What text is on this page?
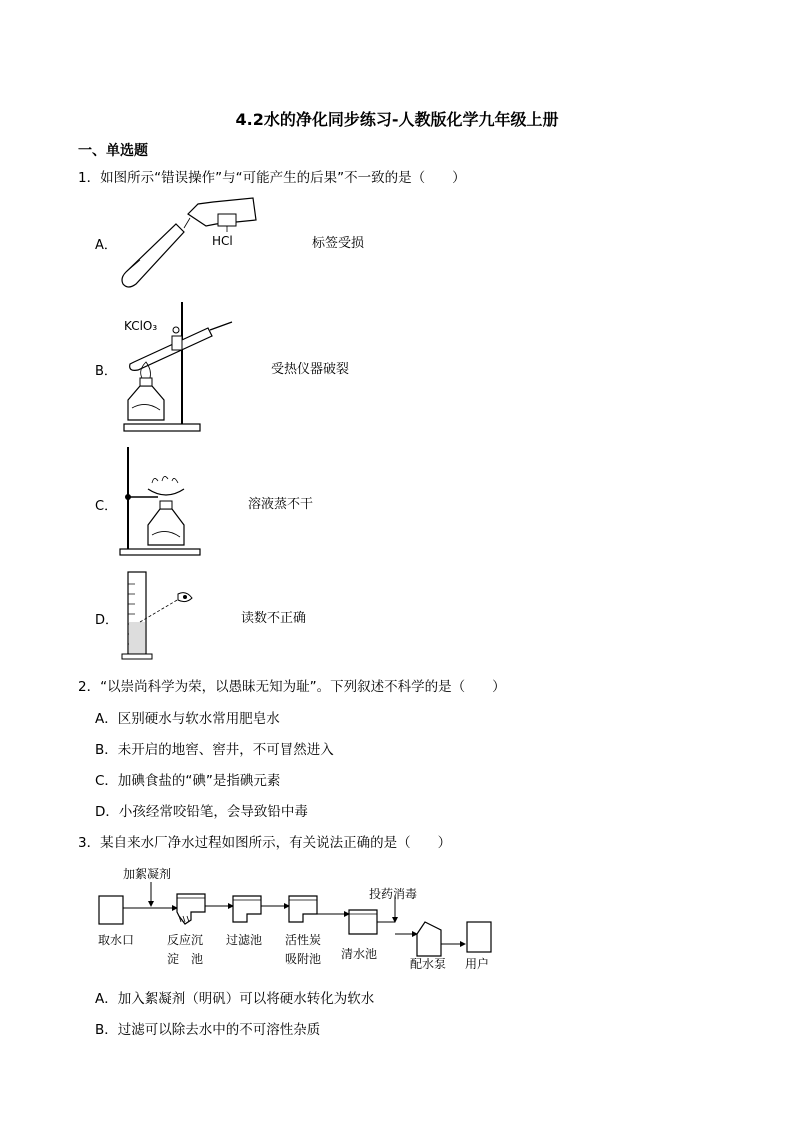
4.2水的净化同步练习-人教版化学九年级上册
一、单选题
1．如图所示“错误操作”与“可能产生的后果”不一致的是（　　）
A．	HCl	标签受损
B．
KClO₃
受热仪器破裂
C．	溶液蒸不干
D．	读数不正确
2．“以崇尚科学为荣，以愚昧无知为耻”。下列叙述不科学的是（　　）
A．区别硬水与软水常用肥皂水
B．未开启的地窖、窖井，不可冒然进入
C．加碘食盐的“碘”是指碘元素
D．小孩经常咬铅笔，会导致铅中毒
3．某自来水厂净水过程如图所示，有关说法正确的是（　　）
加絮凝剂
投药消毒
取水口	反应沉
淀　池
过滤池 活性炭
吸附池 清水池
配水泵 用户
A．加入絮凝剂（明矾）可以将硬水转化为软水
B．过滤可以除去水中的不可溶性杂质
